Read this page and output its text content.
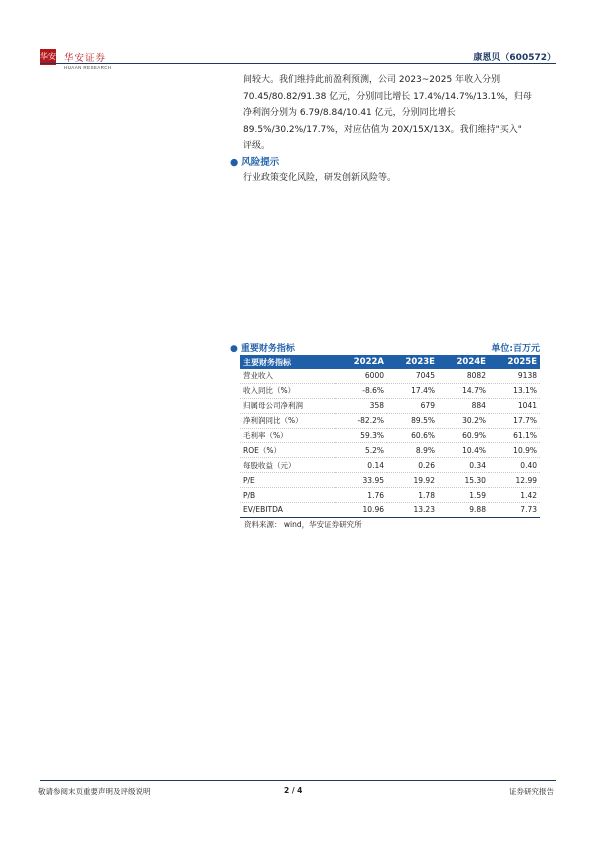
华安 华安证券
HUAAN RESEARCH
康恩贝（600572）

间较大。我们维持此前盈利预测，公司 2023~2025 年收入分别

70.45/80.82/91.38 亿元，分别同比增长 17.4%/14.7%/13.1%，归母

净利润分别为 6.79/8.84/10.41 亿元，分别同比增长

89.5%/30.2%/17.7%，对应估值为 20X/15X/13X。我们维持"买入"

评级。

● 风险提示
行业政策变化风险，研发创新风险等。
● 重要财务指标	单位:百万元
主要财务指标	2022A	2023E	2024E	2025E
营业收入	6000	7045	8082	9138
收入同比（%）	-8.6%	17.4%	14.7%	13.1%
归属母公司净利润	358	679	884	1041
净利润同比（%）	-82.2%	89.5%	30.2%	17.7%
毛利率（%）	59.3%	60.6%	60.9%	61.1%
ROE（%）	5.2%	8.9%	10.4%	10.9%
每股收益（元）	0.14	0.26	0.34	0.40
P/E	33.95	19.92	15.30	12.99
P/B	1.76	1.78	1.59	1.42
EV/EBITDA	10.96	13.23	9.88	7.73
资料来源： wind，华安证券研究所
敬请参阅末页重要声明及评级说明	2 / 4	证券研究报告
